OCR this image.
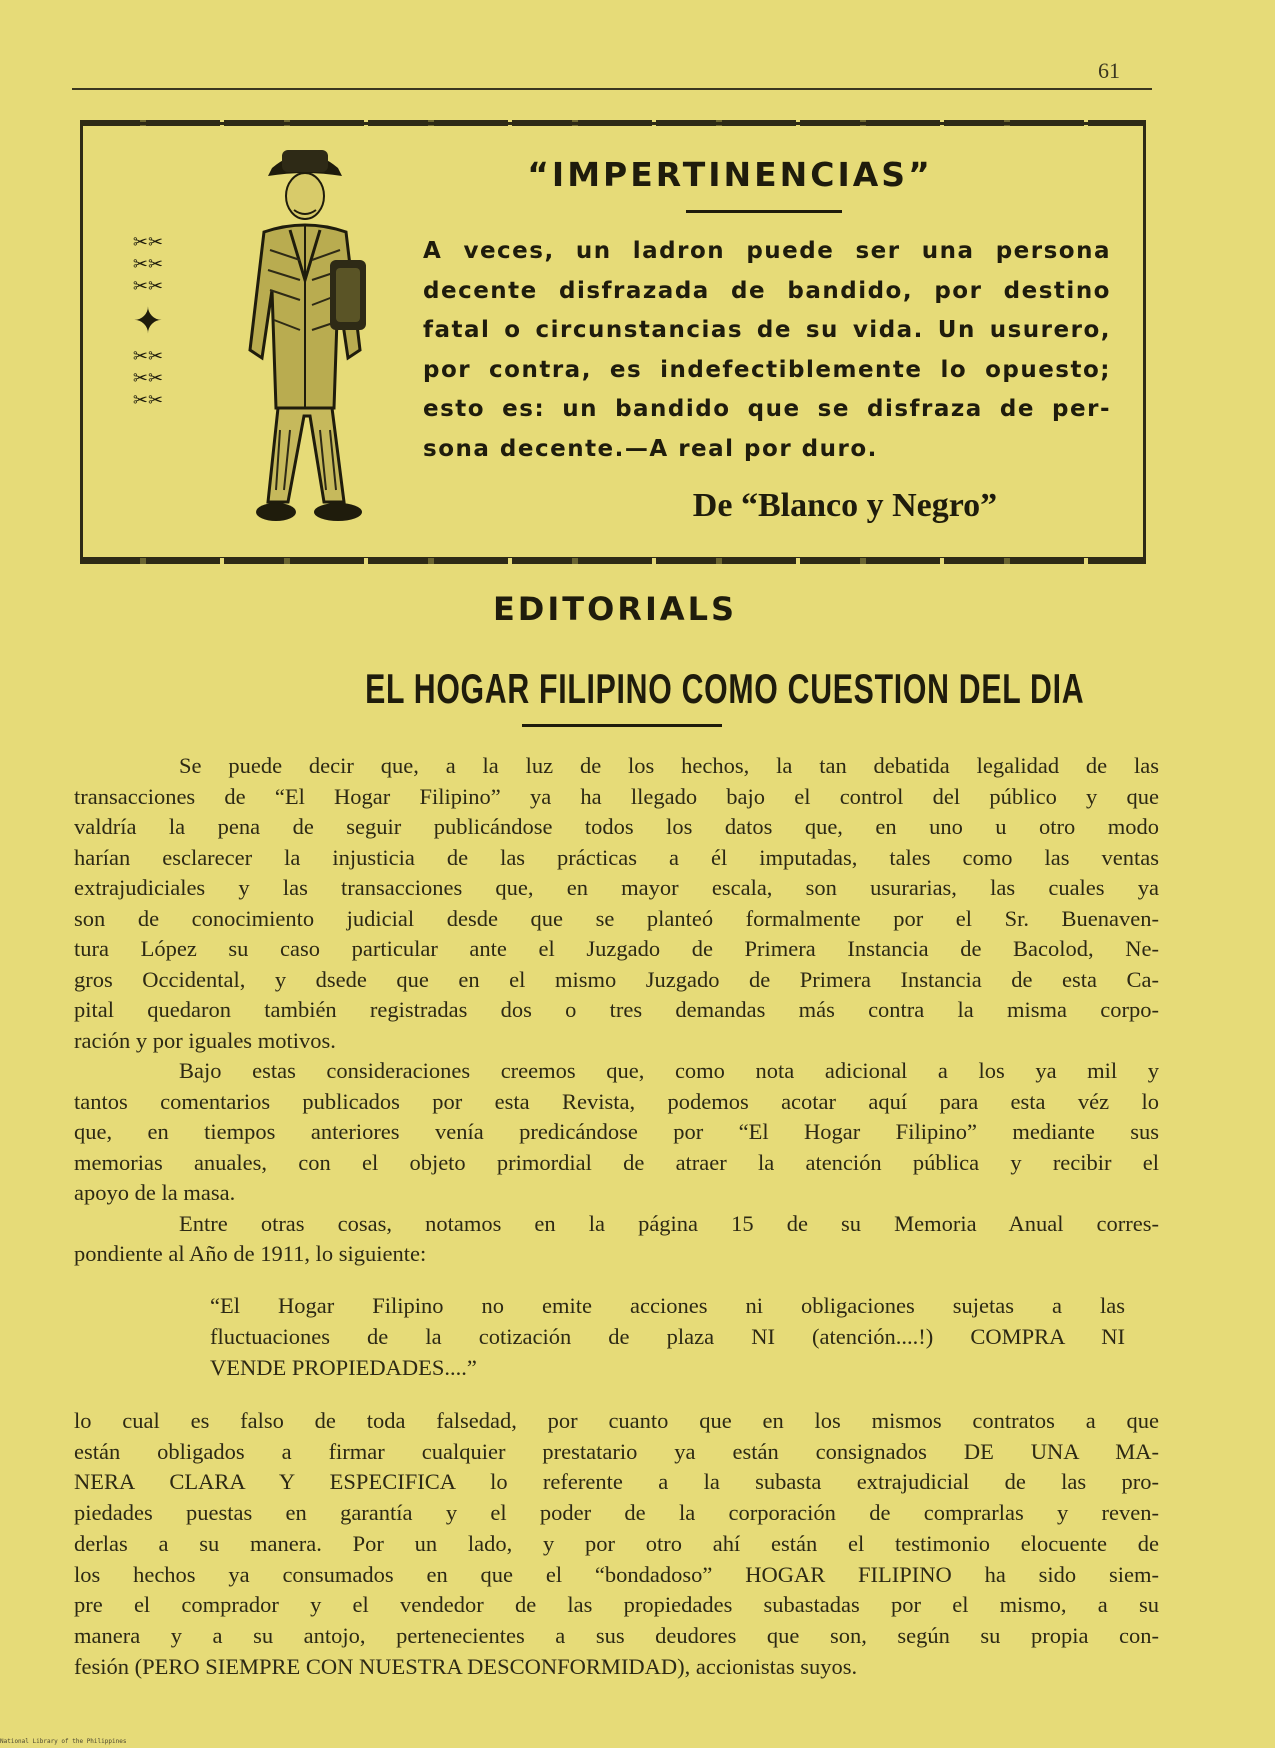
61
✂✂
✂✂
✂✂
✦
✂✂
✂✂
✂✂
“IMPERTINENCIAS”
A veces, un ladron puede ser una persona
decente disfrazada de bandido, por destino
fatal o circunstancias de su vida. Un usurero,
por contra, es indefectiblemente lo opuesto;
esto es: un bandido que se disfraza de per-
sona decente.—A real por duro.
De “Blanco y Negro”
EDITORIALS
EL HOGAR FILIPINO COMO CUESTION DEL DIA
Se puede decir que, a la luz de los hechos, la tan debatida legalidad de las
transacciones de “El Hogar Filipino” ya ha llegado bajo el control del público y que
valdría la pena de seguir publicándose todos los datos que, en uno u otro modo
harían esclarecer la injusticia de las prácticas a él imputadas, tales como las ventas
extrajudiciales y las transacciones que, en mayor escala, son usurarias, las cuales ya
son de conocimiento judicial desde que se planteó formalmente por el Sr. Buenaven-
tura López su caso particular ante el Juzgado de Primera Instancia de Bacolod, Ne-
gros Occidental, y dsede que en el mismo Juzgado de Primera Instancia de esta Ca-
pital quedaron también registradas dos o tres demandas más contra la misma corpo-
ración y por iguales motivos.
Bajo estas consideraciones creemos que, como nota adicional a los ya mil y
tantos comentarios publicados por esta Revista, podemos acotar aquí para esta véz lo
que, en tiempos anteriores venía predicándose por “El Hogar Filipino” mediante sus
memorias anuales, con el objeto primordial de atraer la atención pública y recibir el
apoyo de la masa.
Entre otras cosas, notamos en la página 15 de su Memoria Anual corres-
pondiente al Año de 1911, lo siguiente:
“El Hogar Filipino no emite acciones ni obligaciones sujetas a las
fluctuaciones de la cotización de plaza NI (atención....!) COMPRA NI
VENDE PROPIEDADES....”
lo cual es falso de toda falsedad, por cuanto que en los mismos contratos a que
están obligados a firmar cualquier prestatario ya están consignados DE UNA MA-
NERA CLARA Y ESPECIFICA lo referente a la subasta extrajudicial de las pro-
piedades puestas en garantía y el poder de la corporación de comprarlas y reven-
derlas a su manera. Por un lado, y por otro ahí están el testimonio elocuente de
los hechos ya consumados en que el “bondadoso” HOGAR FILIPINO ha sido siem-
pre el comprador y el vendedor de las propiedades subastadas por el mismo, a su
manera y a su antojo, pertenecientes a sus deudores que son, según su propia con-
fesión (PERO SIEMPRE CON NUESTRA DESCONFORMIDAD), accionistas suyos.
National Library of the Philippines
